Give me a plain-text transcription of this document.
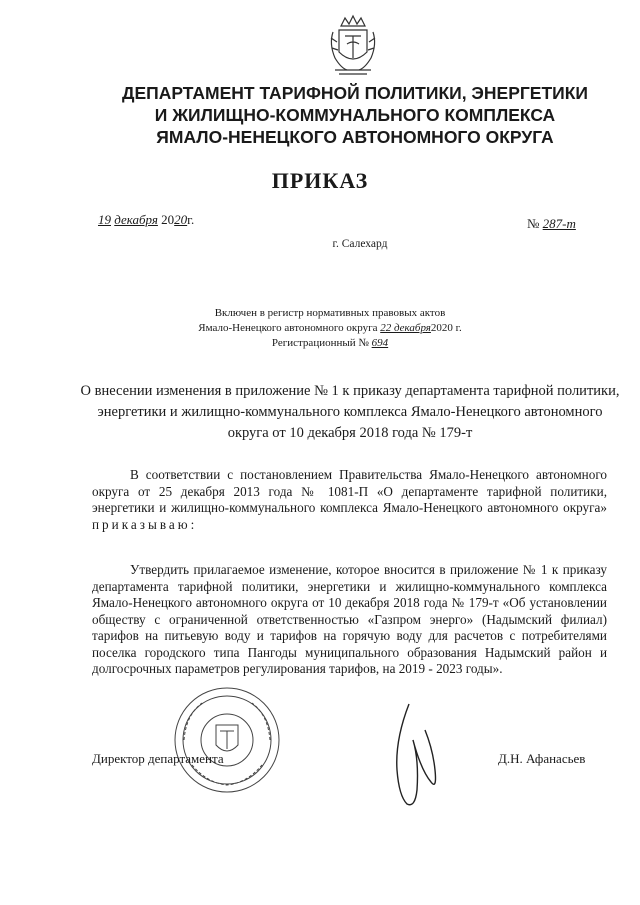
ДЕПАРТАМЕНТ ТАРИФНОЙ ПОЛИТИКИ, ЭНЕРГЕТИКИ
И ЖИЛИЩНО-КОММУНАЛЬНОГО КОМПЛЕКСА
ЯМАЛО-НЕНЕЦКОГО АВТОНОМНОГО ОКРУГА
ПРИКАЗ
19 декабря 2020г.	№ 287-т
г. Салехард
Включен в регистр нормативных правовых актов
Ямало-Ненецкого автономного округа 22 декабря2020 г.
Регистрационный № 694
О внесении изменения в приложение № 1 к приказу департамента тарифной политики, энергетики и жилищно-коммунального комплекса Ямало-Ненецкого автономного округа от 10 декабря 2018 года № 179-т
В соответствии с постановлением Правительства Ямало-Ненецкого автономного округа от 25 декабря 2013 года № 1081-П «О департаменте тарифной политики, энергетики и жилищно-коммунального комплекса Ямало-Ненецкого автономного округа» приказываю:
Утвердить прилагаемое изменение, которое вносится в приложение № 1 к приказу департамента тарифной политики, энергетики и жилищно-коммунального комплекса Ямало-Ненецкого автономного округа от 10 декабря 2018 года № 179-т «Об установлении обществу с ограниченной ответственностью «Газпром энерго» (Надымский филиал) тарифов на питьевую воду и тарифов на горячую воду для расчетов с потребителями поселка городского типа Пангоды муниципального образования Надымский район и долгосрочных параметров регулирования тарифов, на 2019 - 2023 годы».
Директор департамента	Д.Н. Афанасьев
